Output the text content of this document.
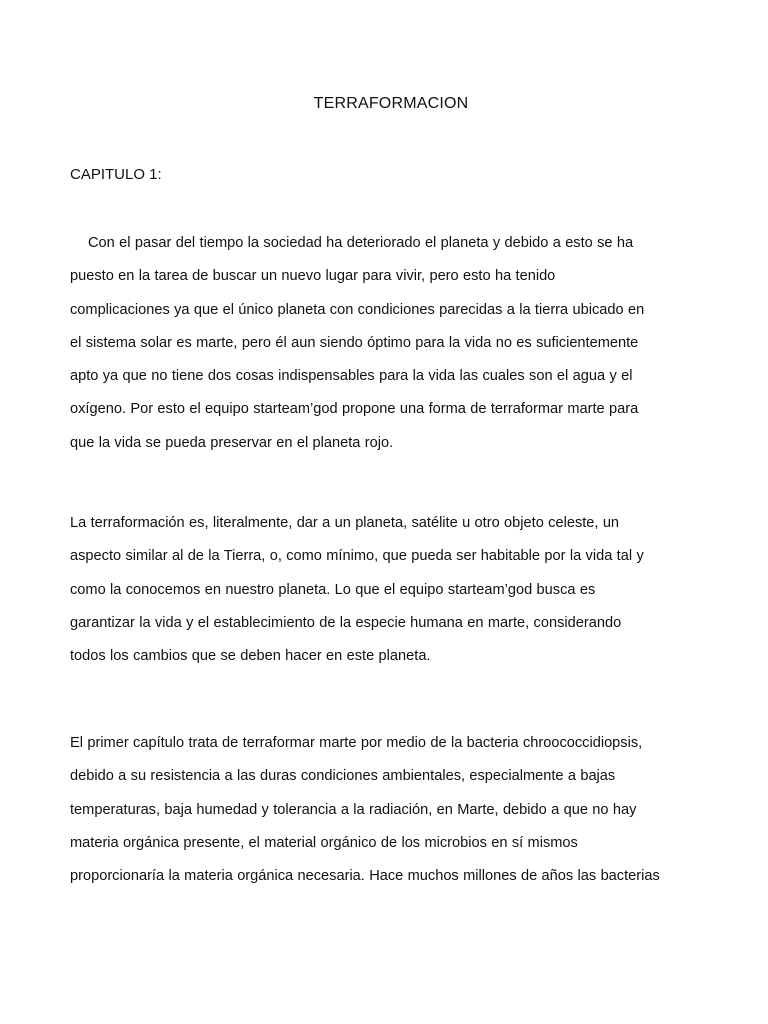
TERRAFORMACION
CAPITULO 1:

Con el pasar del tiempo la sociedad ha deteriorado el planeta y debido a esto se ha
puesto en la tarea de buscar un nuevo lugar para vivir, pero esto ha tenido
complicaciones ya que el único planeta con condiciones parecidas a la tierra ubicado en
el sistema solar es marte, pero él aun siendo óptimo para la vida no es suficientemente
apto ya que no tiene dos cosas indispensables para la vida las cuales son el agua y el
oxígeno. Por esto el equipo starteam’god propone una forma de terraformar marte para
que la vida se pueda preservar en el planeta rojo.

La terraformación es, literalmente, dar a un planeta, satélite u otro objeto celeste, un
aspecto similar al de la Tierra, o, como mínimo, que pueda ser habitable por la vida tal y
como la conocemos en nuestro planeta. Lo que el equipo starteam’god busca es
garantizar la vida y el establecimiento de la especie humana en marte, considerando
todos los cambios que se deben hacer en este planeta.

El primer capítulo trata de terraformar marte por medio de la bacteria chroococcidiopsis,
debido a su resistencia a las duras condiciones ambientales, especialmente a bajas
temperaturas, baja humedad y tolerancia a la radiación, en Marte, debido a que no hay
materia orgánica presente, el material orgánico de los microbios en sí mismos
proporcionaría la materia orgánica necesaria. Hace muchos millones de años las bacterias
